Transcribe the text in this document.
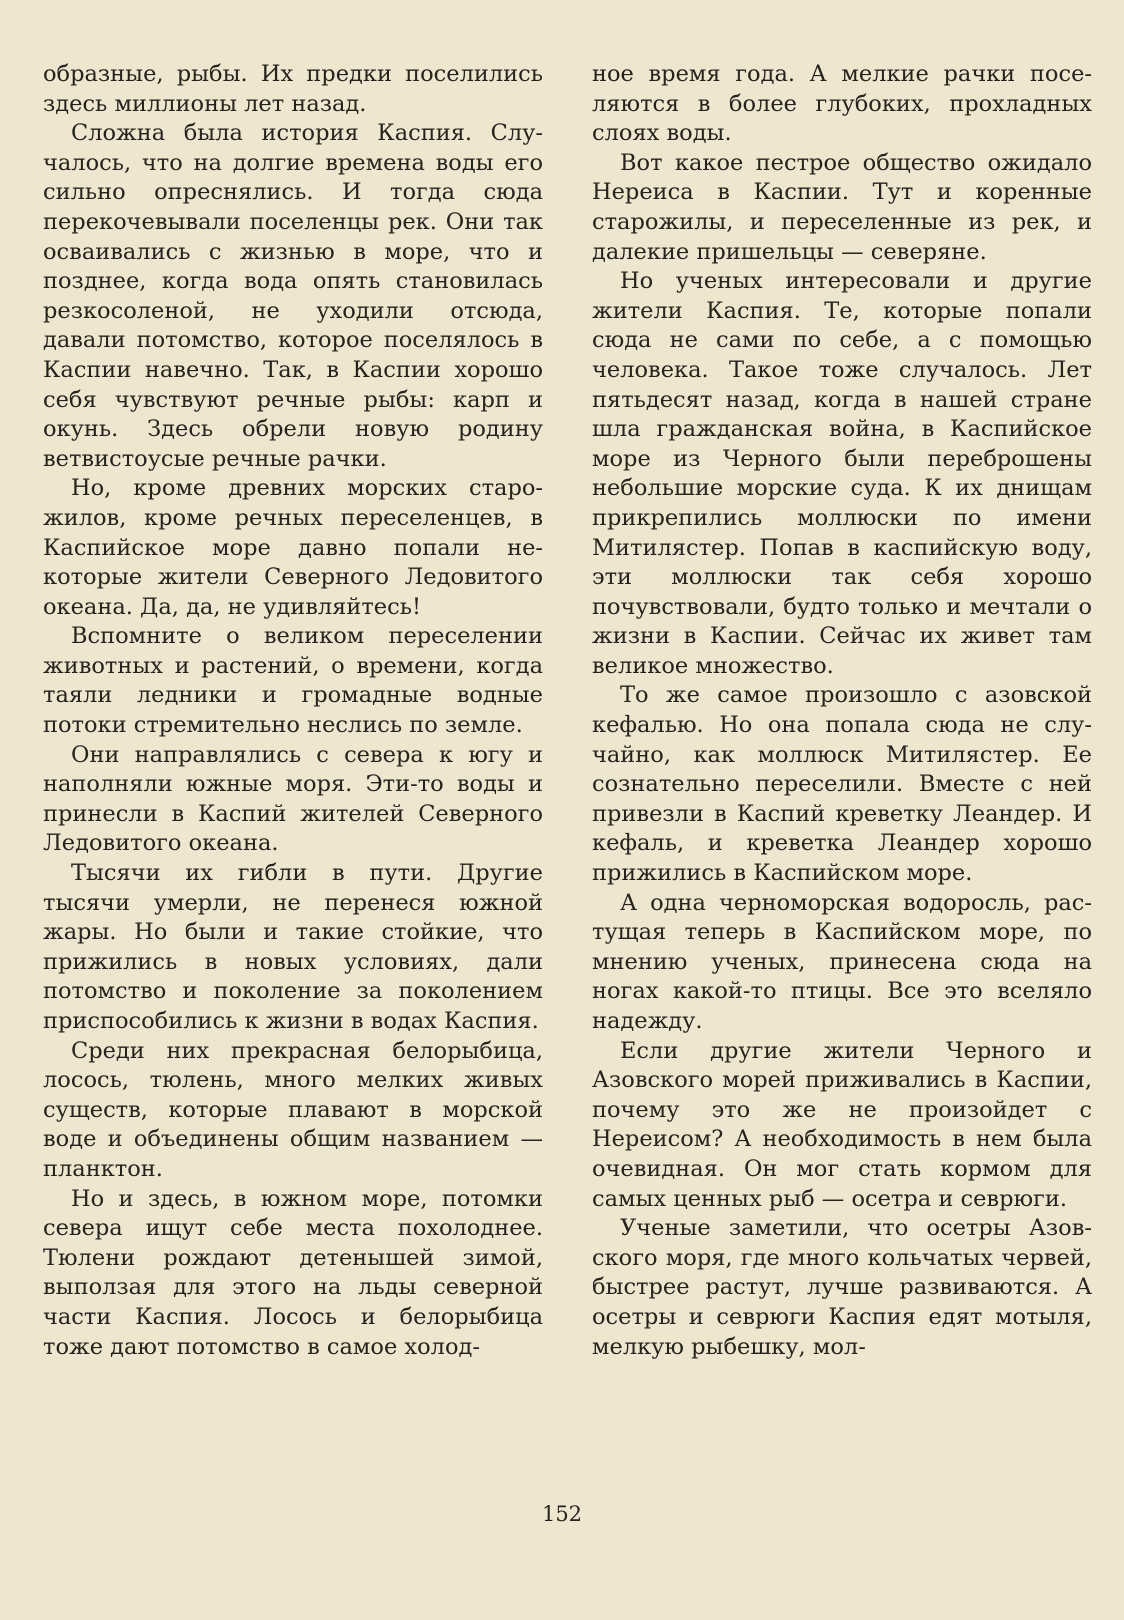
образные, рыбы. Их предки поселились здесь миллионы лет назад.

Сложна была история Каспия. Случалось, что на долгие времена воды его сильно опреснялись. И тогда сюда перекочевывали поселенцы рек. Они так осваивались с жизнью в море, что и позднее, когда вода опять становилась резкосоленой, не уходили отсюда, давали потомство, которое поселялось в Каспии навечно. Так, в Каспии хорошо себя чувствуют речные рыбы: карп и окунь. Здесь обрели новую родину ветвистоусые речные рачки.

Но, кроме древних морских старожилов, кроме речных переселенцев, в Каспийское море давно попали некоторые жители Северного Ледовитого океана. Да, да, не удивляйтесь!

Вспомните о великом переселении животных и растений, о времени, когда таяли ледники и громадные водные потоки стремительно неслись по земле.

Они направлялись с севера к югу и наполняли южные моря. Эти-то воды и принесли в Каспий жителей Северного Ледовитого океана.

Тысячи их гибли в пути. Другие тысячи умерли, не перенеся южной жары. Но были и такие стойкие, что прижились в новых условиях, дали потомство и поколение за поколением приспособились к жизни в водах Каспия.

Среди них прекрасная белорыбица, лосось, тюлень, много мелких живых существ, которые плавают в морской воде и объединены общим названием — планктон.

Но и здесь, в южном море, потомки севера ищут себе места похолоднее. Тюлени рождают детенышей зимой, выползая для этого на льды северной части Каспия. Лосось и белорыбица тоже дают потомство в самое холод-

ное время года. А мелкие рачки поселяются в более глубоких, прохладных слоях воды.

Вот какое пестрое общество ожидало Нереиса в Каспии. Тут и коренные старожилы, и переселенные из рек, и далекие пришельцы — северяне.

Но ученых интересовали и другие жители Каспия. Те, которые попали сюда не сами по себе, а с помощью человека. Такое тоже случалось. Лет пятьдесят назад, когда в нашей стране шла гражданская война, в Каспийское море из Черного были переброшены небольшие морские суда. К их днищам прикрепились моллюски по имени Митилястер. Попав в каспийскую воду, эти моллюски так себя хорошо почувствовали, будто только и мечтали о жизни в Каспии. Сейчас их живет там великое множество.

То же самое произошло с азовской кефалью. Но она попала сюда не случайно, как моллюск Митилястер. Ее сознательно переселили. Вместе с ней привезли в Каспий креветку Леандер. И кефаль, и креветка Леандер хорошо прижились в Каспийском море.

А одна черноморская водоросль, растущая теперь в Каспийском море, по мнению ученых, принесена сюда на ногах какой-то птицы. Все это вселяло надежду.

Если другие жители Черного и Азовского морей приживались в Каспии, почему это же не произойдет с Нереисом? А необходимость в нем была очевидная. Он мог стать кормом для самых ценных рыб — осетра и севрюги.

Ученые заметили, что осетры Азовского моря, где много кольчатых червей, быстрее растут, лучше развиваются. А осетры и севрюги Каспия едят мотыля, мелкую рыбешку, мол-

152
